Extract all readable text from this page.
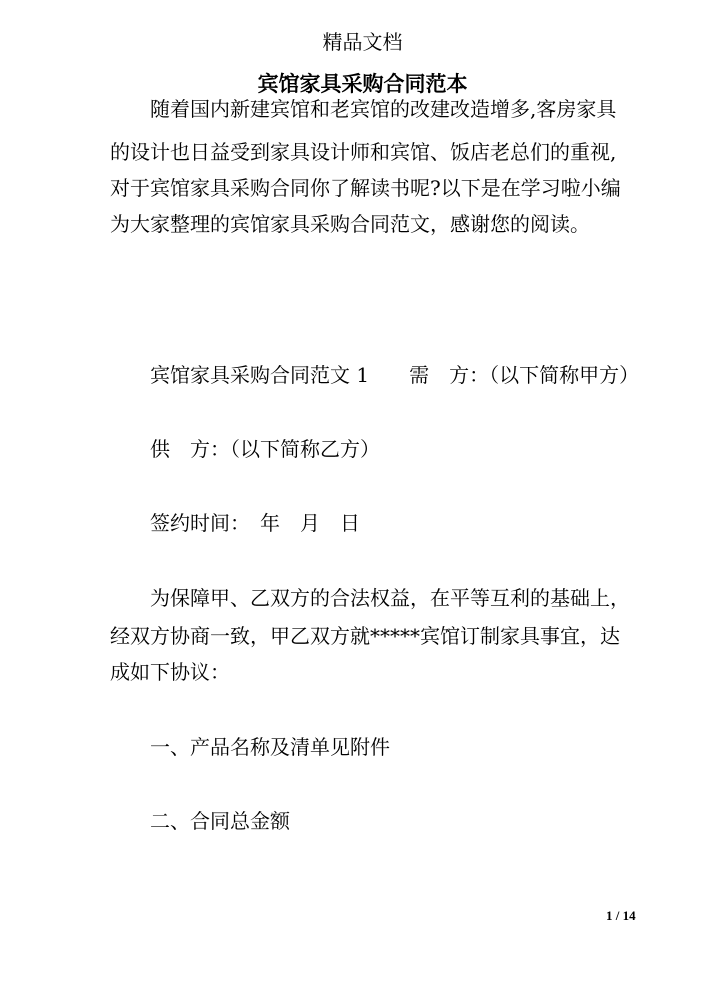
精品文档
宾馆家具采购合同范本
随着国内新建宾馆和老宾馆的改建改造增多,客房家具
的设计也日益受到家具设计师和宾馆、饭店老总们的重视,
对于宾馆家具采购合同你了解读书呢?以下是在学习啦小编
为大家整理的宾馆家具采购合同范文，感谢您的阅读。
宾馆家具采购合同范文 1　　需　方：（以下简称甲方）
供　方：（以下简称乙方）
签约时间：　年　月　日
为保障甲、乙双方的合法权益，在平等互利的基础上，
经双方协商一致，甲乙双方就*****宾馆订制家具事宜，达
成如下协议：
一、产品名称及清单见附件
二、合同总金额
1 / 14
